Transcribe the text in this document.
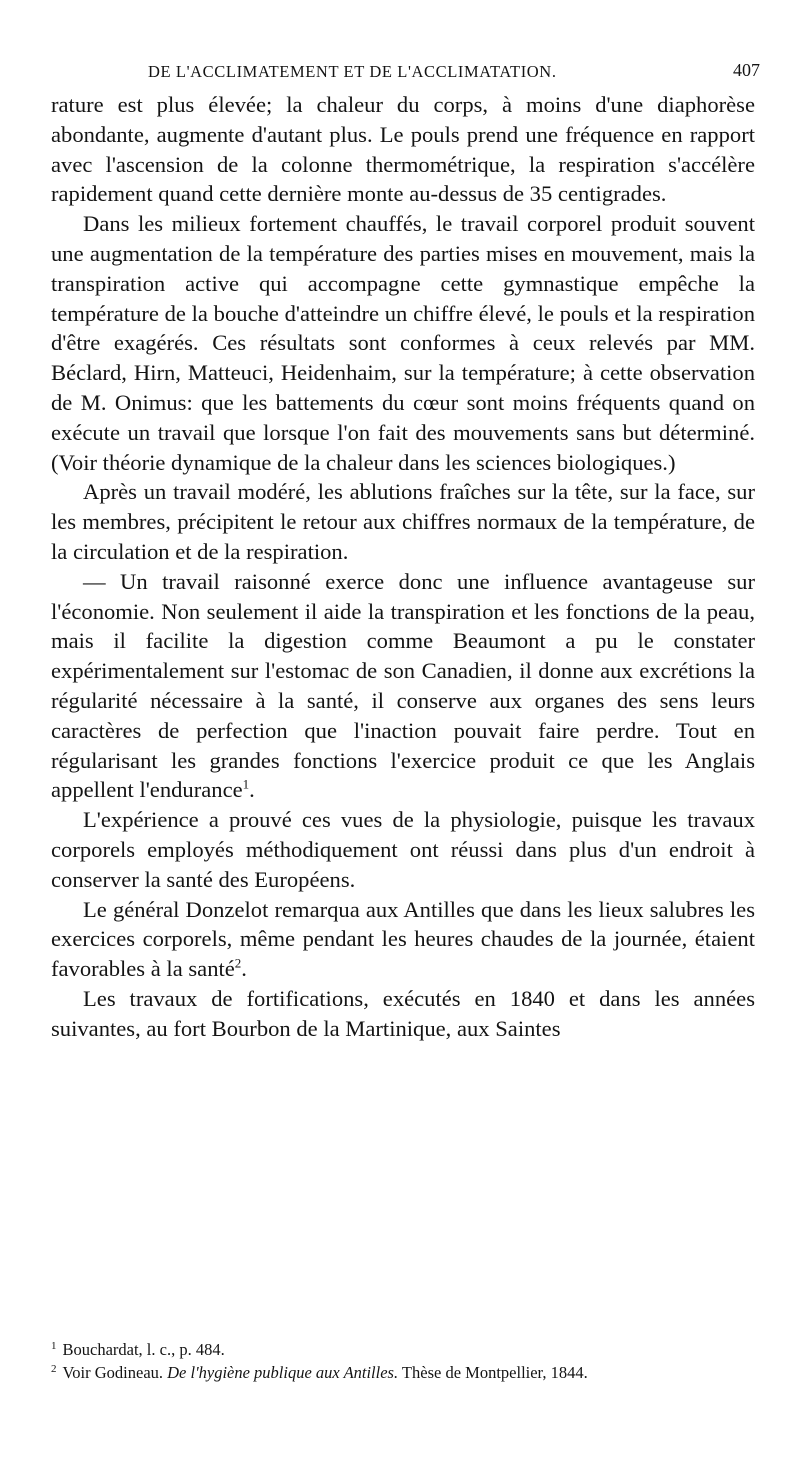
DE L'ACCLIMATEMENT ET DE L'ACCLIMATATION.	407

rature est plus élevée; la chaleur du corps, à moins d'une diaphorèse abondante, augmente d'autant plus. Le pouls prend une fréquence en rapport avec l'ascension de la colonne thermométrique, la respiration s'accélère rapidement quand cette dernière monte au-dessus de 35 centigrades.

Dans les milieux fortement chauffés, le travail corporel produit souvent une augmentation de la température des parties mises en mouvement, mais la transpiration active qui accompagne cette gymnastique empêche la température de la bouche d'atteindre un chiffre élevé, le pouls et la respiration d'être exagérés. Ces résultats sont conformes à ceux relevés par MM. Béclard, Hirn, Matteuci, Heidenhaim, sur la température; à cette observation de M. Onimus: que les battements du cœur sont moins fréquents quand on exécute un travail que lorsque l'on fait des mouvements sans but déterminé. (Voir théorie dynamique de la chaleur dans les sciences biologiques.)

Après un travail modéré, les ablutions fraîches sur la tête, sur la face, sur les membres, précipitent le retour aux chiffres normaux de la température, de la circulation et de la respiration.

— Un travail raisonné exerce donc une influence avantageuse sur l'économie. Non seulement il aide la transpiration et les fonctions de la peau, mais il facilite la digestion comme Beaumont a pu le constater expérimentalement sur l'estomac de son Canadien, il donne aux excrétions la régularité nécessaire à la santé, il conserve aux organes des sens leurs caractères de perfection que l'inaction pouvait faire perdre. Tout en régularisant les grandes fonctions l'exercice produit ce que les Anglais appellent l'endurance$^1$.

L'expérience a prouvé ces vues de la physiologie, puisque les travaux corporels employés méthodiquement ont réussi dans plus d'un endroit à conserver la santé des Européens.

Le général Donzelot remarqua aux Antilles que dans les lieux salubres les exercices corporels, même pendant les heures chaudes de la journée, étaient favorables à la santé$^2$.

Les travaux de fortifications, exécutés en 1840 et dans les années suivantes, au fort Bourbon de la Martinique, aux Saintes

$^1$ Bouchardat, l. c., p. 484.

$^2$ Voir Godineau. De l'hygiène publique aux Antilles. Thèse de Montpellier, 1844.
